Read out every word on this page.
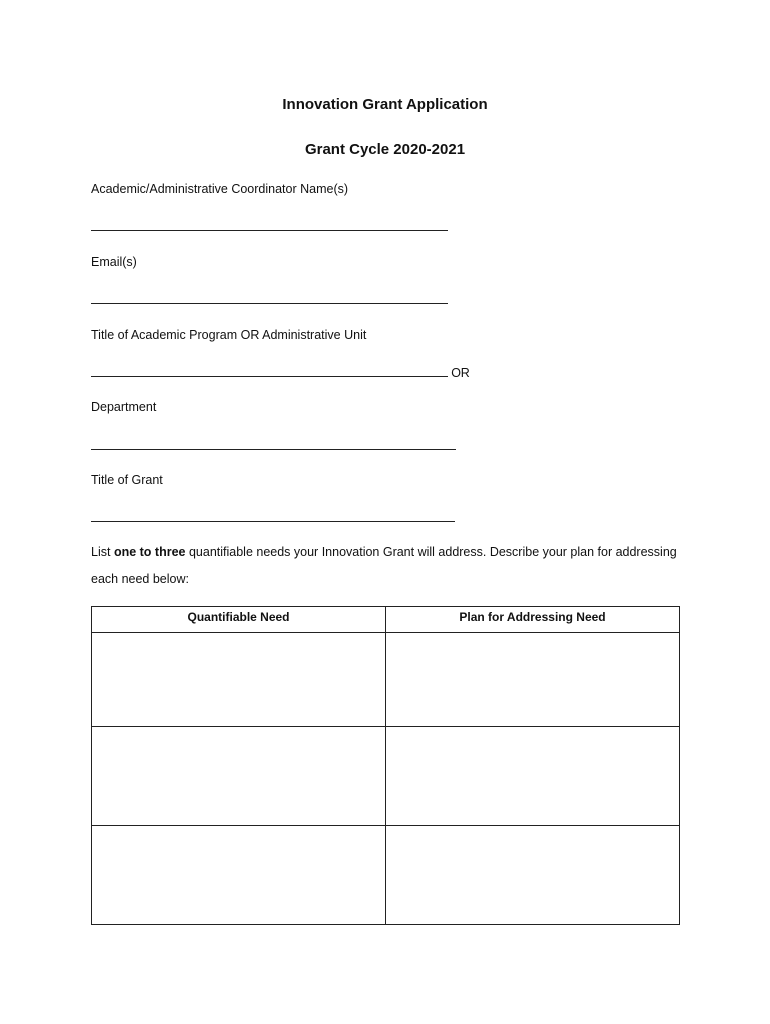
Innovation Grant Application
Grant Cycle 2020-2021

Academic/Administrative Coordinator Name(s)

Email(s)

Title of Academic Program OR Administrative Unit

OR

Department

Title of Grant

List one to three quantifiable needs your Innovation Grant will address. Describe your plan for addressing each need below:

Quantifiable Need	Plan for Addressing Need
